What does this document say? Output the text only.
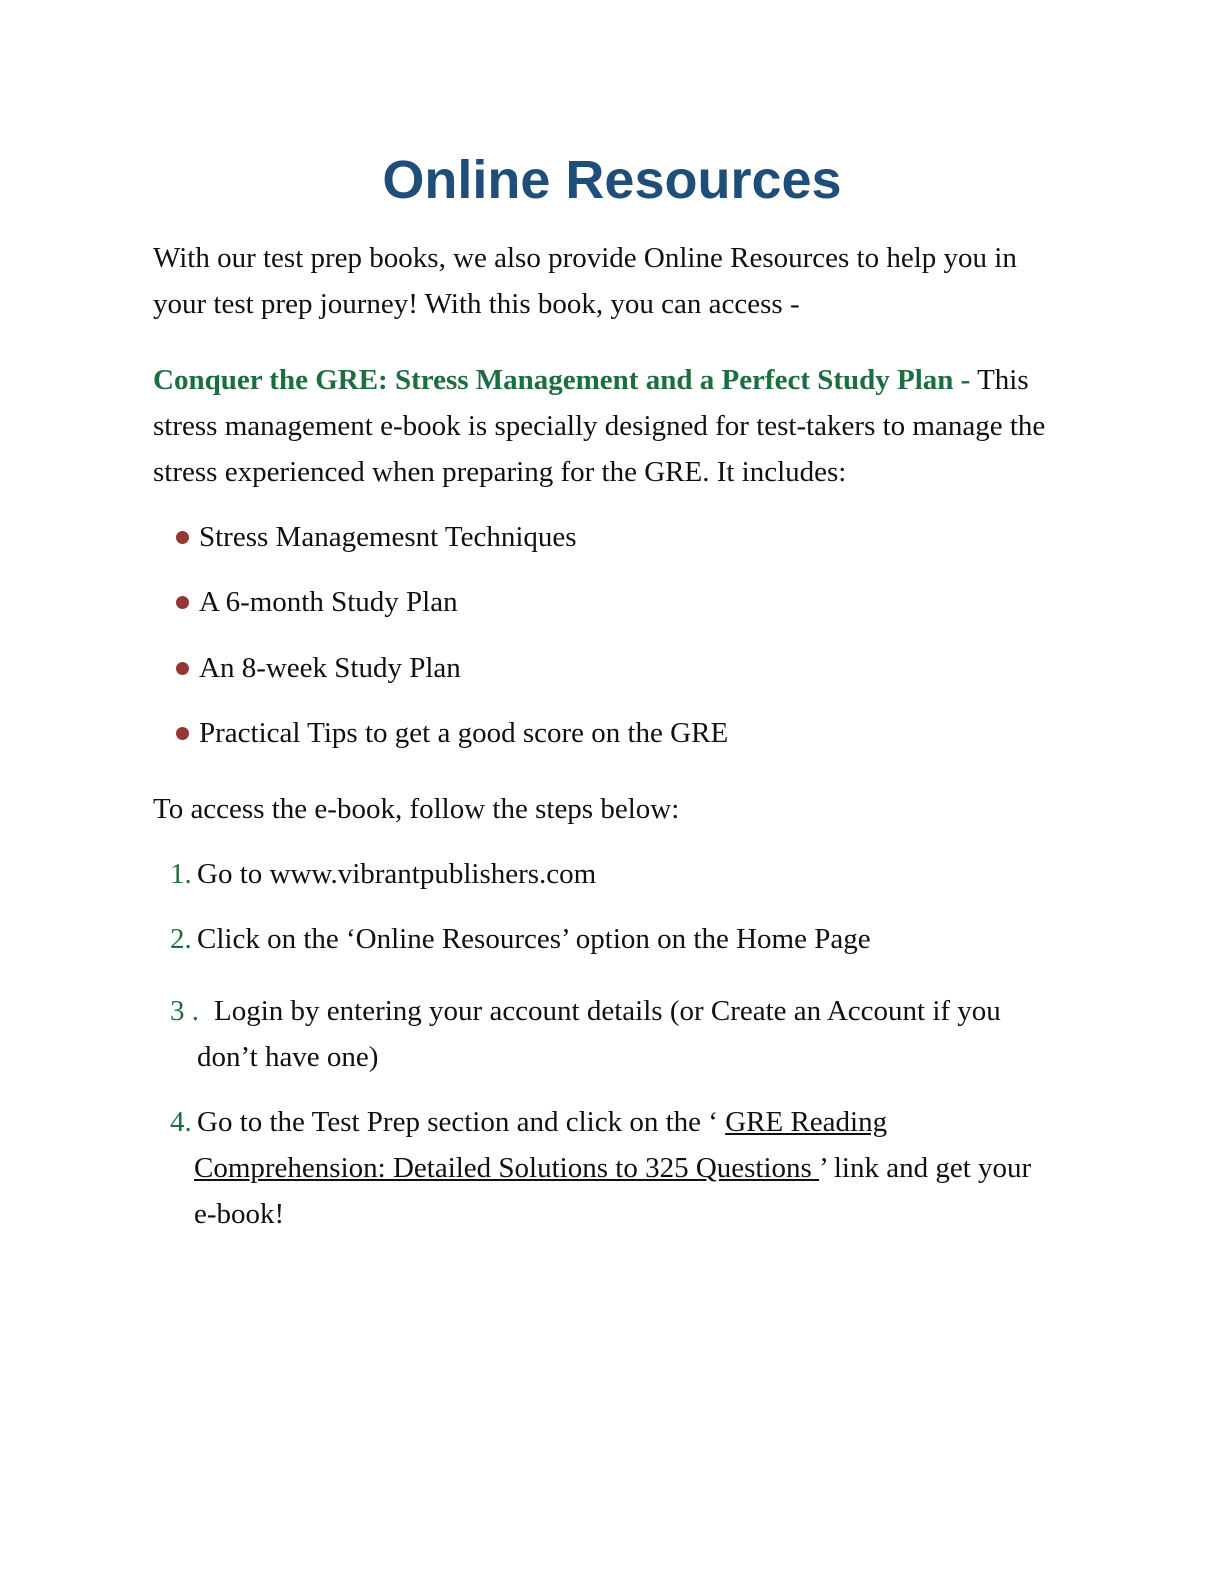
Online Resources

With our test prep books, we also provide Online Resources to help you in your test prep journey! With this book, you can access -

Conquer the GRE: Stress Management and a Perfect Study Plan - This stress management e-book is specially designed for test-takers to manage the stress experienced when preparing for the GRE. It includes:

Stress Managemesnt Techniques
A 6-month Study Plan
An 8-week Study Plan
Practical Tips to get a good score on the GRE

To access the e-book, follow the steps below:

1. Go to www.vibrantpublishers.com
2. Click on the ‘Online Resources’ option on the Home Page
3 . Login by entering your account details (or Create an Account if you
don’t have one)
4. Go to the Test Prep section and click on the ‘ GRE Reading
Comprehension: Detailed Solutions to 325 Questions ’ link and get your
e-book!
